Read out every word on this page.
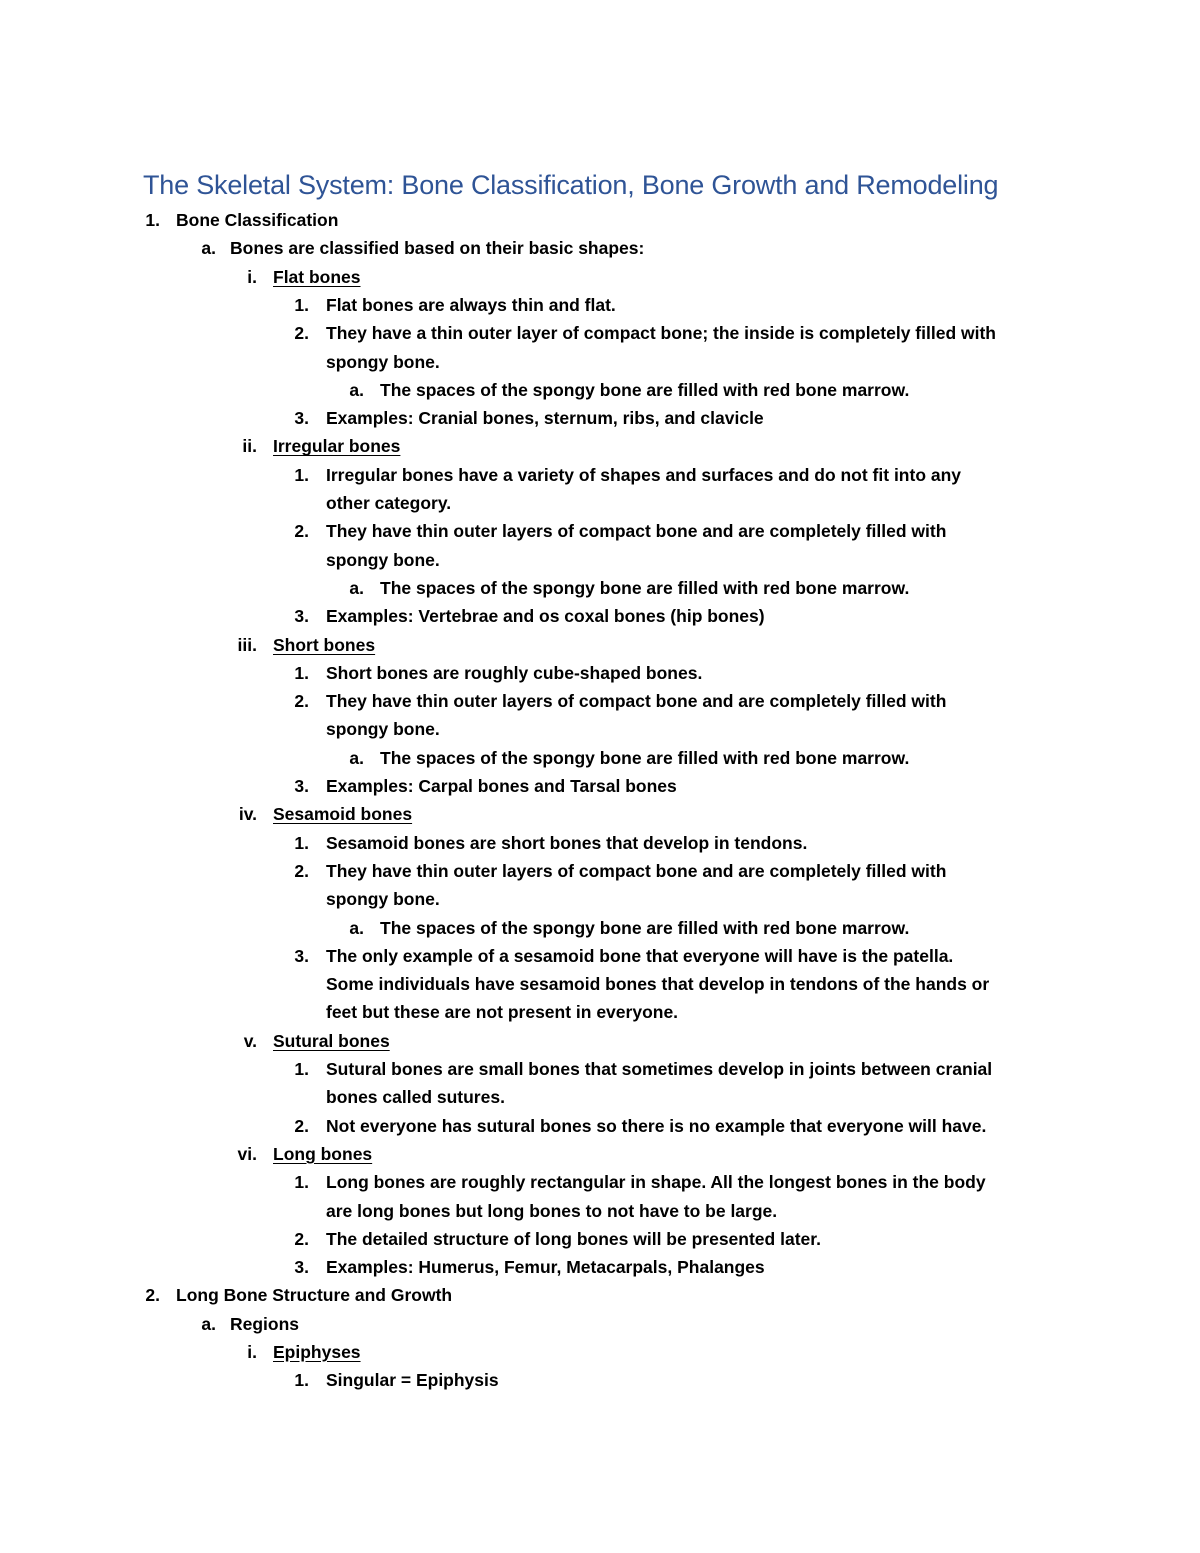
The Skeletal System: Bone Classification, Bone Growth and Remodeling
1. Bone Classification
a. Bones are classified based on their basic shapes:
i. Flat bones
1. Flat bones are always thin and flat.
2. They have a thin outer layer of compact bone; the inside is completely filled with
spongy bone.
a. The spaces of the spongy bone are filled with red bone marrow.
3. Examples: Cranial bones, sternum, ribs, and clavicle
ii. Irregular bones
1. Irregular bones have a variety of shapes and surfaces and do not fit into any
other category.
2. They have thin outer layers of compact bone and are completely filled with
spongy bone.
a. The spaces of the spongy bone are filled with red bone marrow.
3. Examples: Vertebrae and os coxal bones (hip bones)
iii. Short bones
1. Short bones are roughly cube-shaped bones.
2. They have thin outer layers of compact bone and are completely filled with
spongy bone.
a. The spaces of the spongy bone are filled with red bone marrow.
3. Examples: Carpal bones and Tarsal bones
iv. Sesamoid bones
1. Sesamoid bones are short bones that develop in tendons.
2. They have thin outer layers of compact bone and are completely filled with
spongy bone.
a. The spaces of the spongy bone are filled with red bone marrow.
3. The only example of a sesamoid bone that everyone will have is the patella.
Some individuals have sesamoid bones that develop in tendons of the hands or
feet but these are not present in everyone.
v. Sutural bones
1. Sutural bones are small bones that sometimes develop in joints between cranial
bones called sutures.
2. Not everyone has sutural bones so there is no example that everyone will have.
vi. Long bones
1. Long bones are roughly rectangular in shape. All the longest bones in the body
are long bones but long bones to not have to be large.
2. The detailed structure of long bones will be presented later.
3. Examples: Humerus, Femur, Metacarpals, Phalanges
2. Long Bone Structure and Growth
a. Regions
i. Epiphyses
1. Singular = Epiphysis
